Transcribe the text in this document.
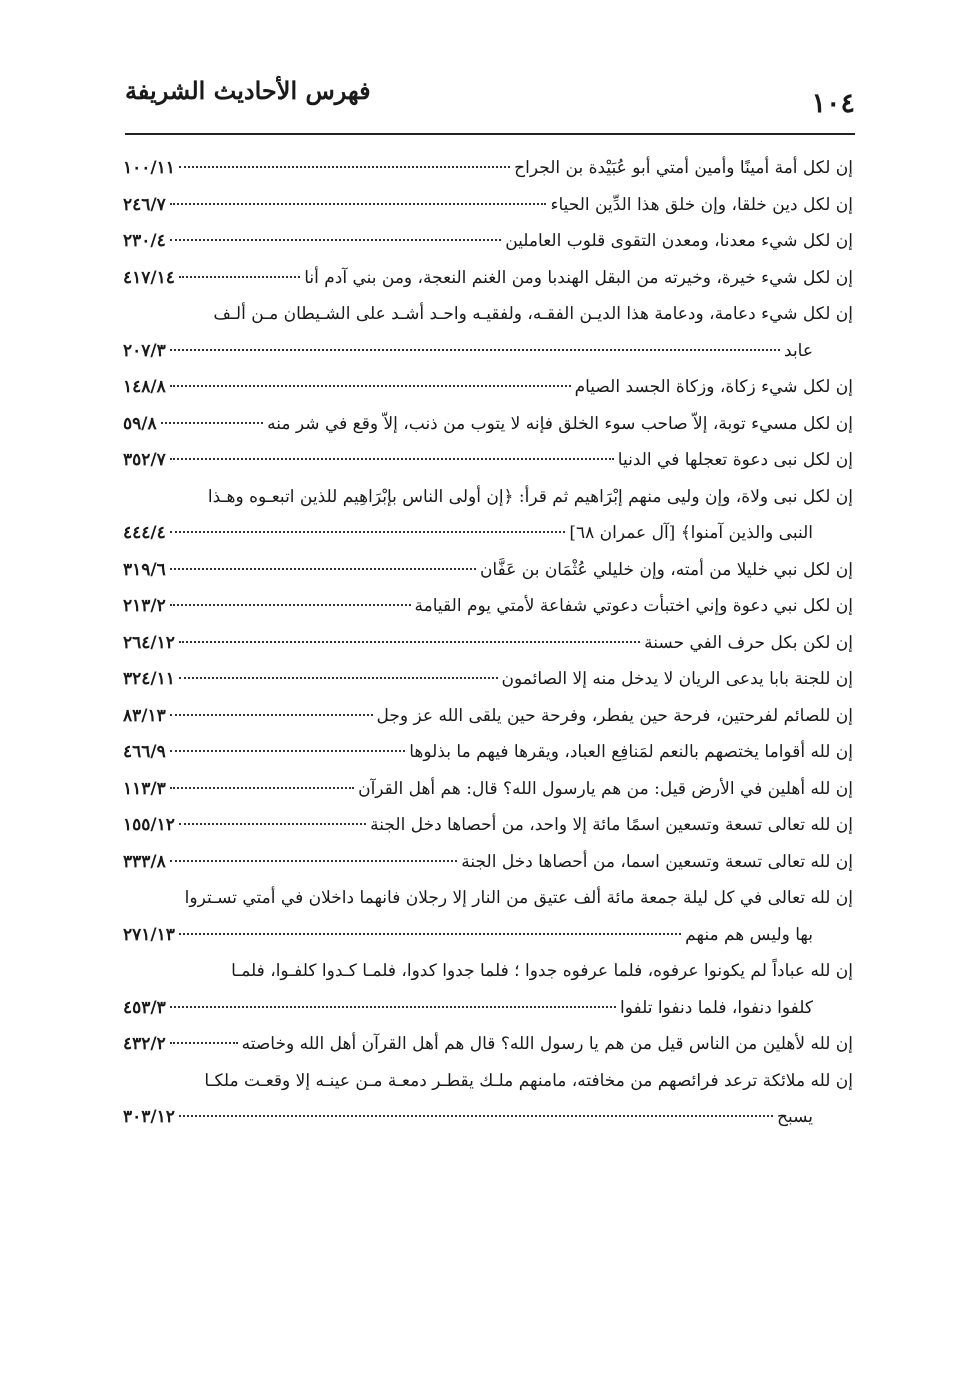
١٠٤
فهرس الأحاديث الشريفة
إن لكل أمة أمينًا وأمين أمتي أبو عُبَيْدة بن الجراح
١٠٠/١١
إن لكل دين خلقا، وإن خلق هذا الدِّين الحياء
٢٤٦/٧
إن لكل شيء معدنا، ومعدن التقوى قلوب العاملين
٢٣٠/٤
إن لكل شيء خيرة، وخيرته من البقل الهندبا ومن الغنم النعجة، ومن بني آدم أنا
٤١٧/١٤
إن لكل شيء دعامة، ودعامة هذا الديـن الفقـه، ولفقيـه واحـد أشـد على الشـيطان مـن ألـف
عابد
٢٠٧/٣
إن لكل شيء زكاة، وزكاة الجسد الصيام
١٤٨/٨
إن لكل مسيء توبة، إلاّ صاحب سوء الخلق فإنه لا يتوب من ذنب، إلاّ وقع في شر منه
٥٩/٨
إن لكل نبى دعوة تعجلها في الدنيا
٣٥٢/٧
إن لكل نبى ولاة، وإن وليى منهم إبْرَاهيم ثم قرأ: ﴿إن أولى الناس بإبْرَاهِيم للذين اتبعـوه وهـذا
النبى والذين آمنوا﴾ [آل عمران ٦٨]
٤٤٤/٤
إن لكل نبي خليلا من أمته، وإن خليلي عُثْمَان بن عَفَّان
٣١٩/٦
إن لكل نبي دعوة وإني اختبأت دعوتي شفاعة لأمتي يوم القيامة
٢١٣/٢
إن لكن بكل حرف الفي حسنة
٢٦٤/١٢
إن للجنة بابا يدعى الريان لا يدخل منه إلا الصائمون
٣٢٤/١١
إن للصائم لفرحتين، فرحة حين يفطر، وفرحة حين يلقى الله عز وجل
٨٣/١٣
إن لله أقواما يختصهم بالنعم لمَنافِع العباد، ويقرها فيهم ما بذلوها
٤٦٦/٩
إن لله أهلين في الأرض قيل: من هم يارسول الله؟ قال: هم أهل القرآن
١١٣/٣
إن لله تعالى تسعة وتسعين اسمًا مائة إلا واحد، من أحصاها دخل الجنة
١٥٥/١٢
إن لله تعالى تسعة وتسعين اسما، من أحصاها دخل الجنة
٣٣٣/٨
إن لله تعالى في كل ليلة جمعة مائة ألف عتيق من النار إلا رجلان فانهما داخلان في أمتي تسـتروا
بها وليس هم منهم
٢٧١/١٣
إن لله عباداً لم يكونوا عرفوه، فلما عرفوه جدوا ؛ فلما جدوا كدوا، فلمـا كـدوا كلفـوا، فلمـا
كلفوا دنفوا، فلما دنفوا تلفوا
٤٥٣/٣
إن لله لأهلين من الناس قيل من هم يا رسول الله؟ قال هم أهل القرآن أهل الله وخاصته
٤٣٢/٢
إن لله ملائكة ترعد فرائصهم من مخافته، مامنهم ملـك يقطـر دمعـة مـن عينـه إلا وقعـت ملكـا
يسبح
٣٠٣/١٢
